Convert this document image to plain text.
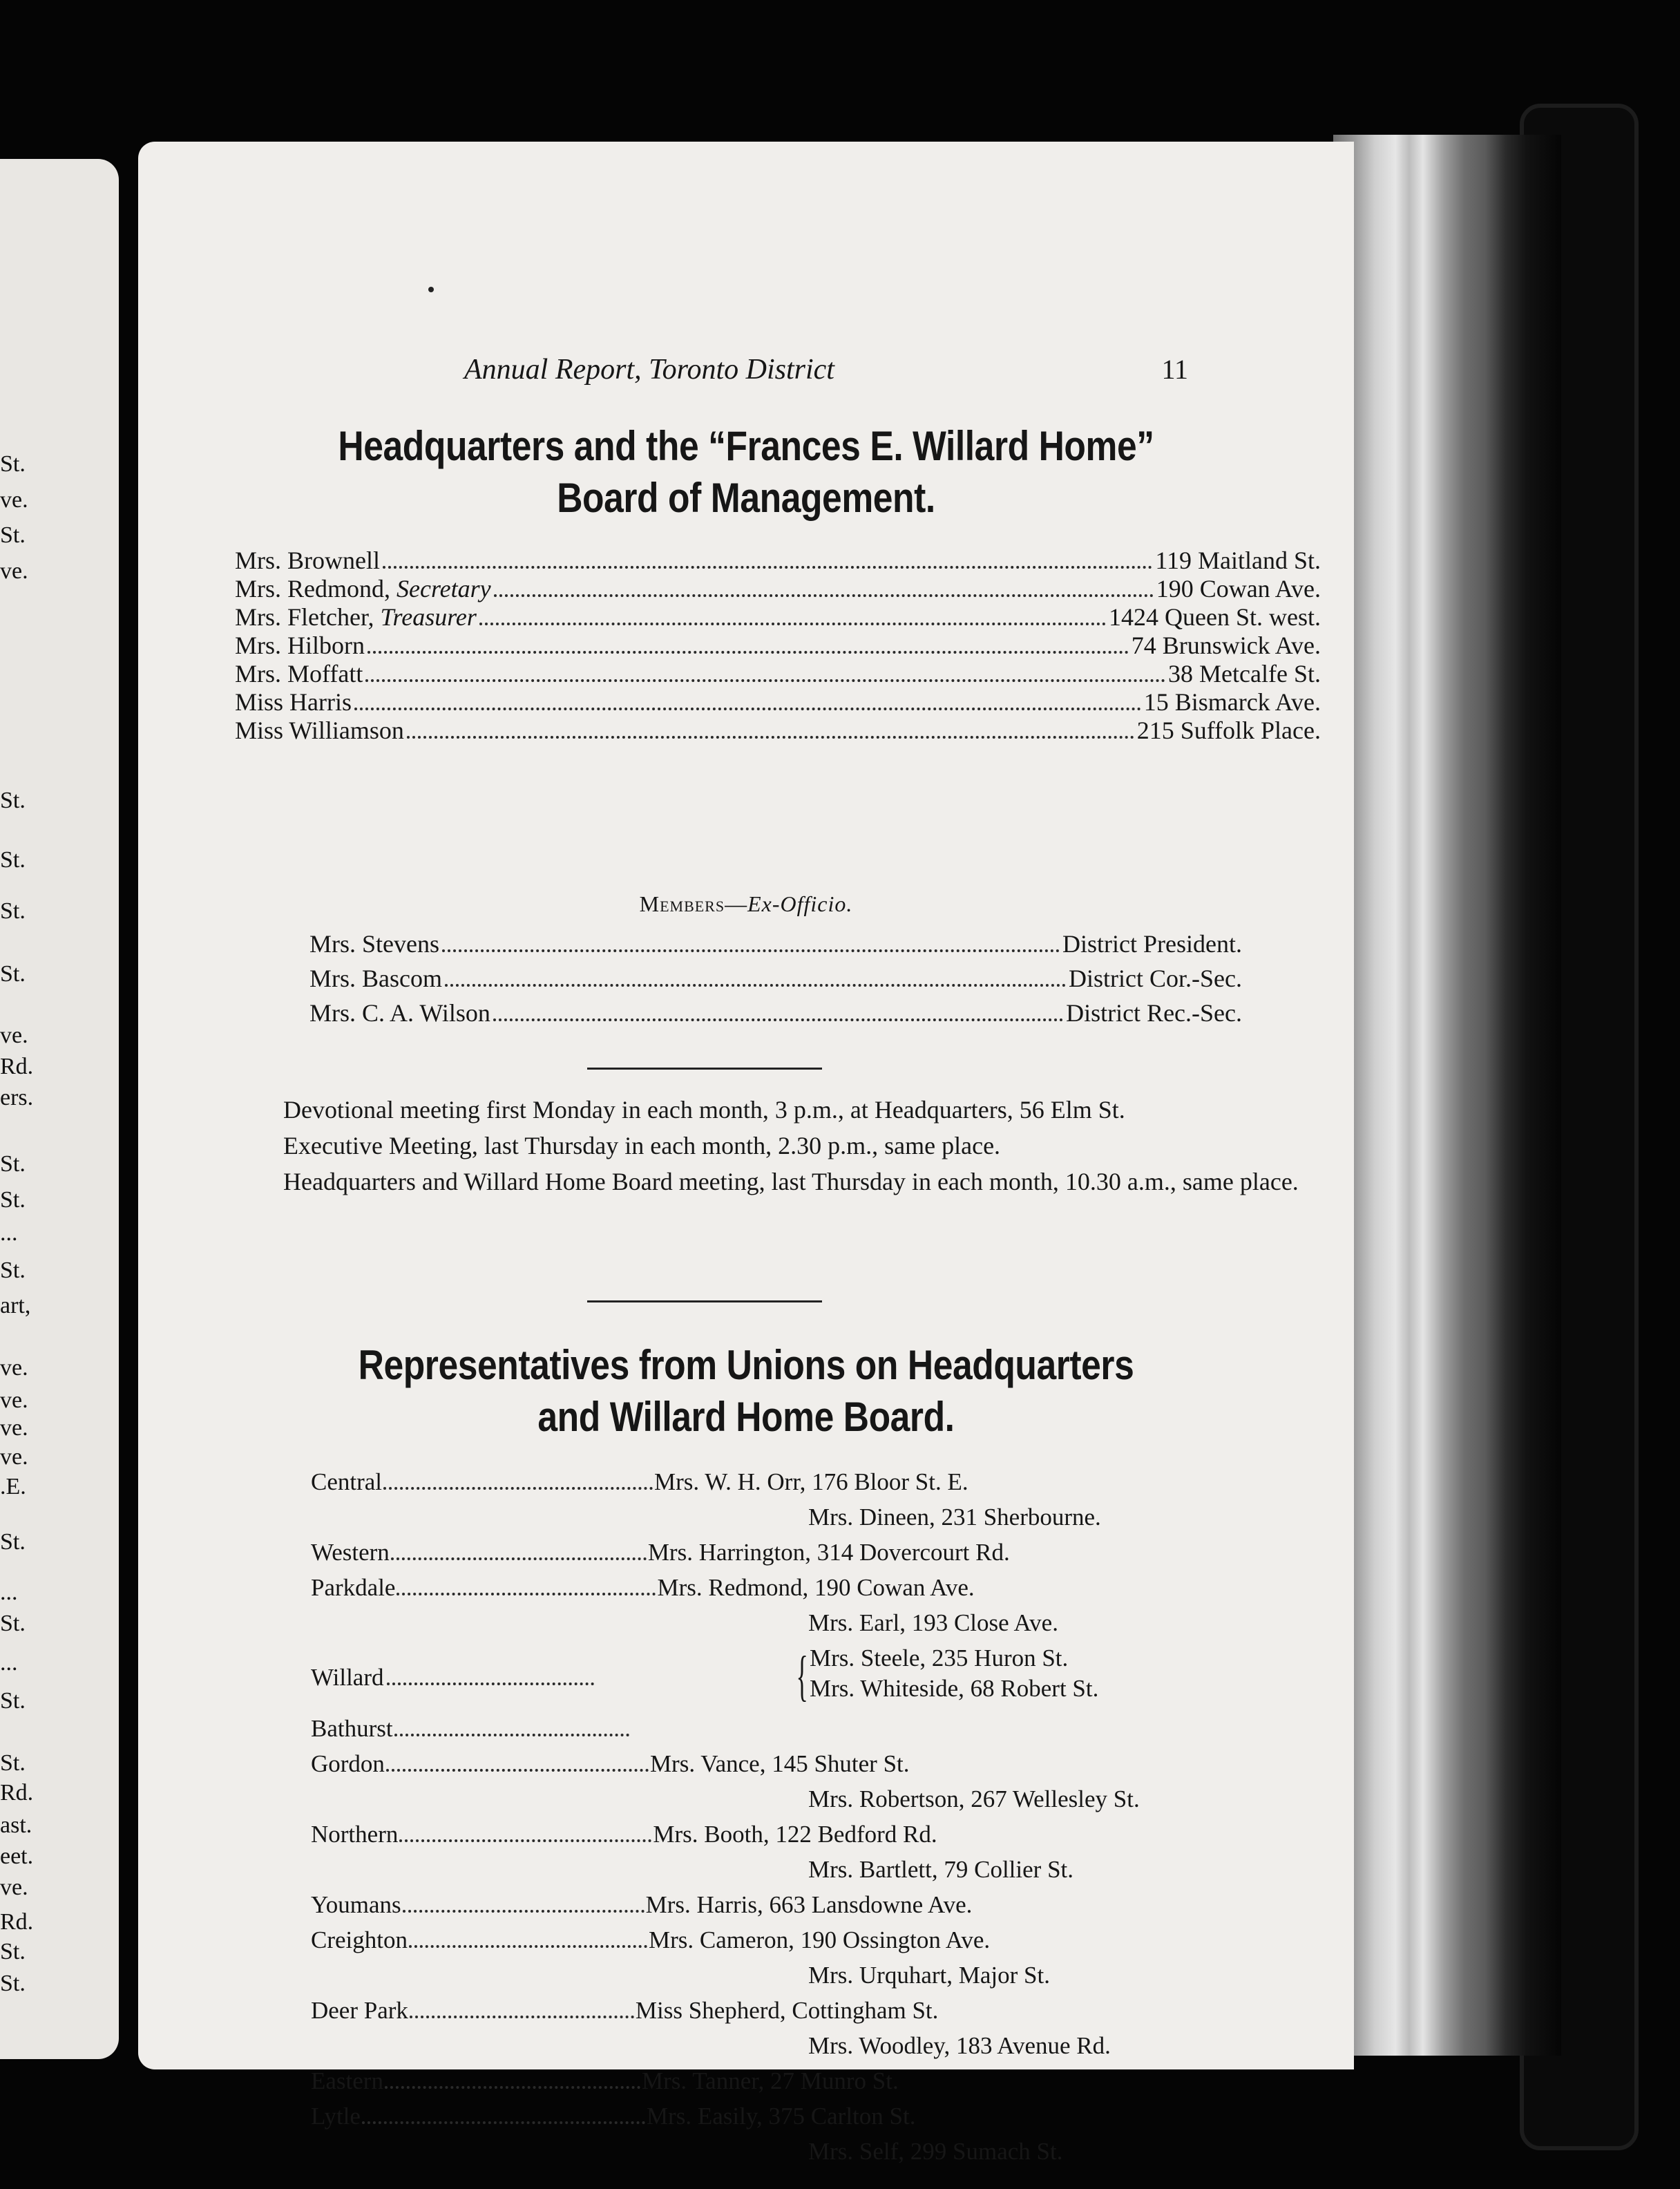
St.
ve.
St.
ve.
St.
St.
St.
St.
ve.
Rd.
ers.
St.
St.
...
St.
art,
ve.
ve.
ve.
ve.
.E.
St.
...
St.
...
St.
St.
Rd.
ast.
eet.
ve.
Rd.
St.
St.
Annual Report, Toronto District	11
Headquarters and the “Frances E. Willard Home”
Board of Management.
Mrs. Brownell	119 Maitland St.
Mrs. Redmond, Secretary	190 Cowan Ave.
Mrs. Fletcher, Treasurer	1424 Queen St. west.
Mrs. Hilborn	74 Brunswick Ave.
Mrs. Moffatt	38 Metcalfe St.
Miss Harris	15 Bismarck Ave.
Miss Williamson	215 Suffolk Place.
Members—Ex-Officio.
Mrs. Stevens	District President.
Mrs. Bascom	District Cor.-Sec.
Mrs. C. A. Wilson	District Rec.-Sec.

Devotional meeting first Monday in each month, 3 p.m., at Headquarters, 56 Elm St.

Executive Meeting, last Thursday in each month, 2.30 p.m., same place.

Headquarters and Willard Home Board meeting, last Thursday in each month, 10.30 a.m., same place.

Representatives from Unions on Headquarters
and Willard Home Board.
Central	Mrs. W. H. Orr, 176 Bloor St. E.
Mrs. Dineen, 231 Sherbourne.
Western	Mrs. Harrington, 314 Dovercourt Rd.
Parkdale	Mrs. Redmond, 190 Cowan Ave.
Mrs. Earl, 193 Close Ave.
Willard	{ Mrs. Steele, 235 Huron St.
Mrs. Whiteside, 68 Robert St.
Bathurst
Gordon	Mrs. Vance, 145 Shuter St.
Mrs. Robertson, 267 Wellesley St.
Northern	Mrs. Booth, 122 Bedford Rd.
Mrs. Bartlett, 79 Collier St.
Youmans	Mrs. Harris, 663 Lansdowne Ave.
Creighton	Mrs. Cameron, 190 Ossington Ave.
Mrs. Urquhart, Major St.
Deer Park	Miss Shepherd, Cottingham St.
Mrs. Woodley, 183 Avenue Rd.
Eastern	Mrs. Tanner, 27 Munro St.
Lytle	Mrs. Easily, 375 Carlton St.
Mrs. Self, 299 Sumach St.
